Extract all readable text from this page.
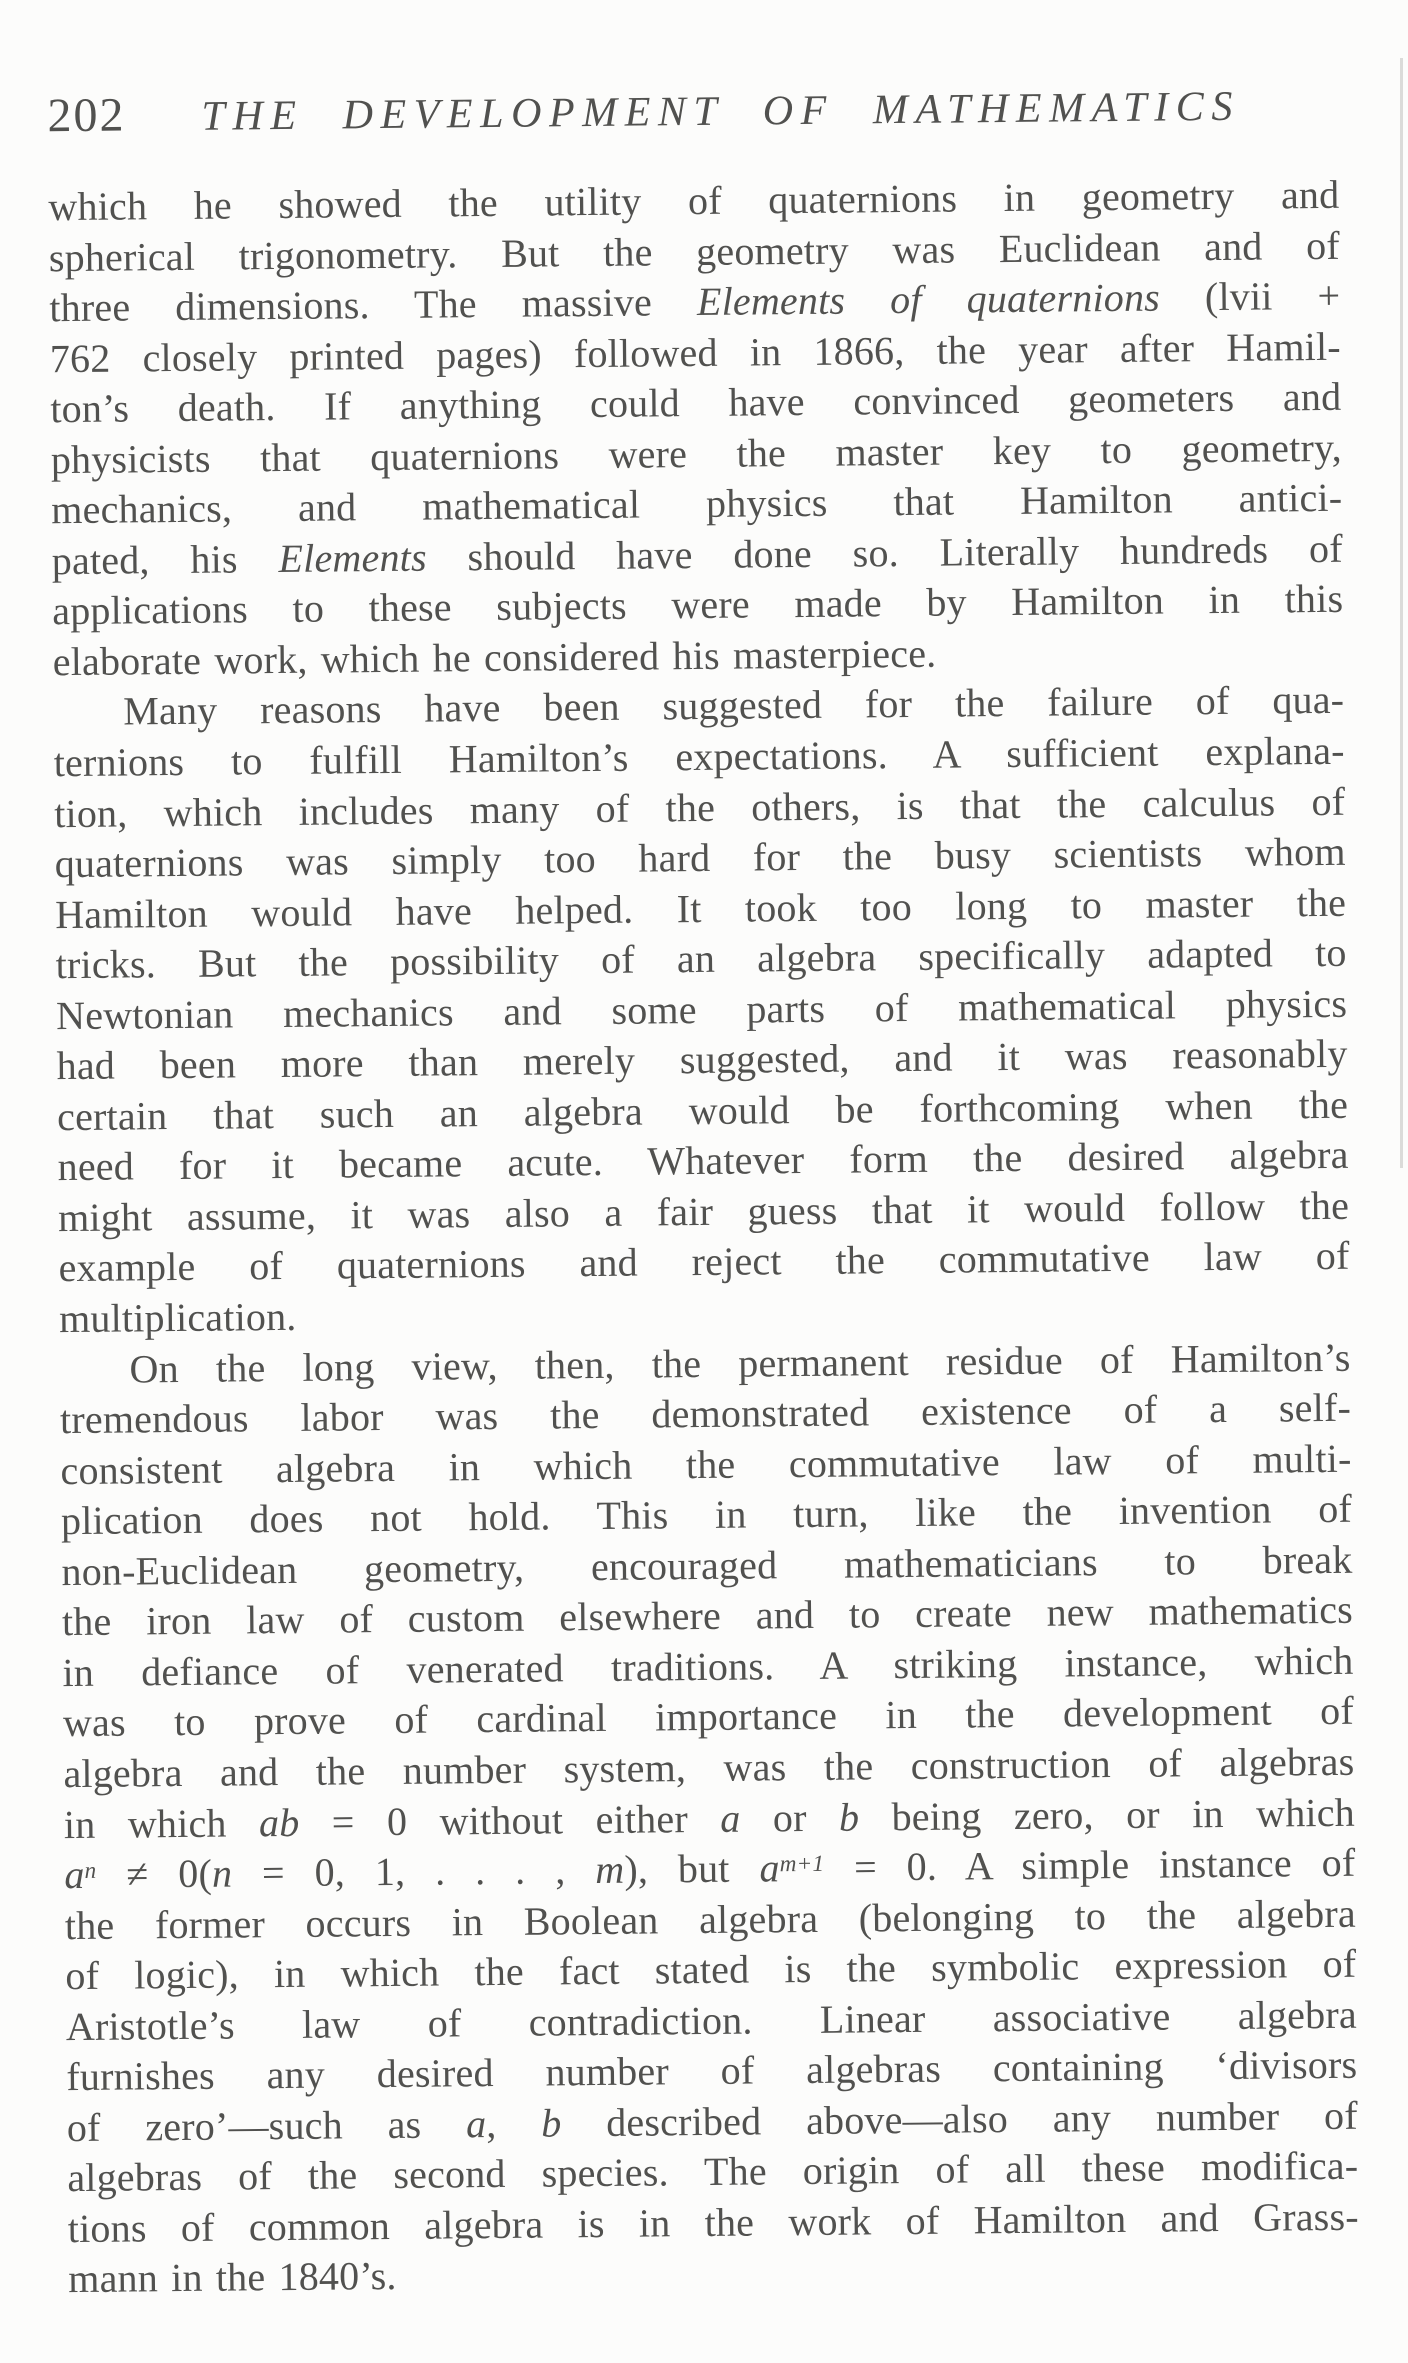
202 THE DEVELOPMENT OF MATHEMATICS
which he showed the utility of quaternions in geometry and
spherical trigonometry. But the geometry was Euclidean and of
three dimensions. The massive Elements of quaternions (lvii +
762 closely printed pages) followed in 1866, the year after Hamil-
ton’s death. If anything could have convinced geometers and
physicists that quaternions were the master key to geometry,
mechanics, and mathematical physics that Hamilton antici-
pated, his Elements should have done so. Literally hundreds of
applications to these subjects were made by Hamilton in this
elaborate work, which he considered his masterpiece.
Many reasons have been suggested for the failure of qua-
ternions to fulfill Hamilton’s expectations. A sufficient explana-
tion, which includes many of the others, is that the calculus of
quaternions was simply too hard for the busy scientists whom
Hamilton would have helped. It took too long to master the
tricks. But the possibility of an algebra specifically adapted to
Newtonian mechanics and some parts of mathematical physics
had been more than merely suggested, and it was reasonably
certain that such an algebra would be forthcoming when the
need for it became acute. Whatever form the desired algebra
might assume, it was also a fair guess that it would follow the
example of quaternions and reject the commutative law of
multiplication.
On the long view, then, the permanent residue of Hamilton’s
tremendous labor was the demonstrated existence of a self-
consistent algebra in which the commutative law of multi-
plication does not hold. This in turn, like the invention of
non-Euclidean geometry, encouraged mathematicians to break
the iron law of custom elsewhere and to create new mathematics
in defiance of venerated traditions. A striking instance, which
was to prove of cardinal importance in the development of
algebra and the number system, was the construction of algebras
in which ab = 0 without either a or b being zero, or in which
$a^n \ne 0(n = 0$, 1, . . . , m), but $a^{m+1} = 0$. A simple instance of
the former occurs in Boolean algebra (belonging to the algebra
of logic), in which the fact stated is the symbolic expression of
Aristotle’s law of contradiction. Linear associative algebra
furnishes any desired number of algebras containing ‘divisors
of zero’—such as a, b described above—also any number of
algebras of the second species. The origin of all these modifica-
tions of common algebra is in the work of Hamilton and Grass-
mann in the 1840’s.
